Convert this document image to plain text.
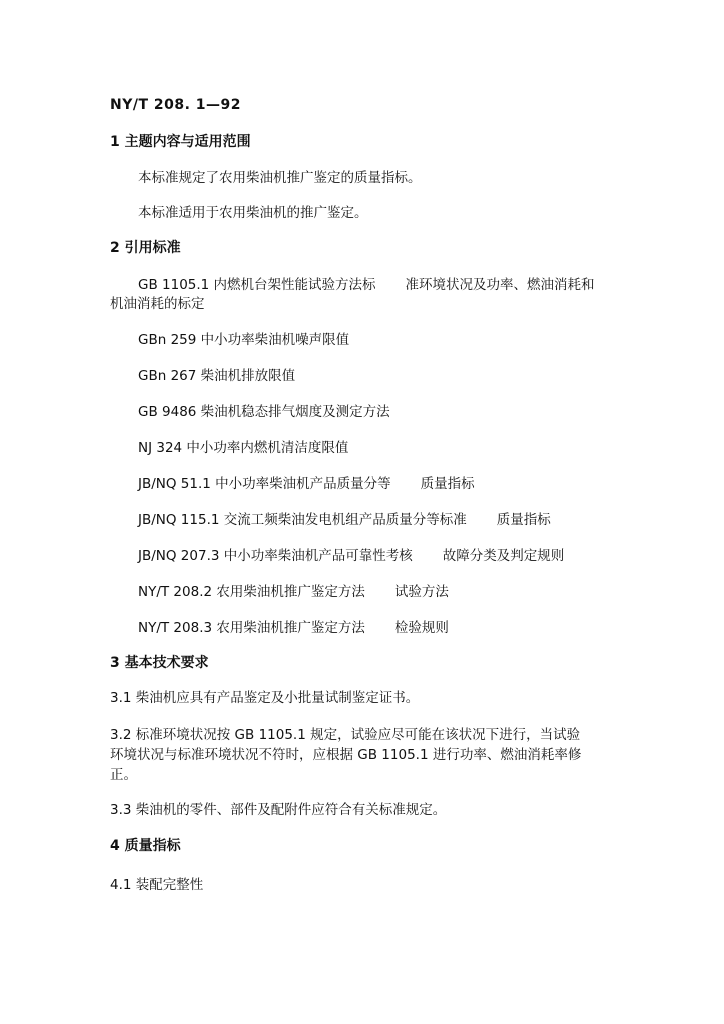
NY/T 208. 1—92
1 主题内容与适用范围
本标准规定了农用柴油机推广鉴定的质量指标。
本标准适用于农用柴油机的推广鉴定。
2 引用标准
GB 1105.1 内燃机台架性能试验方法标 准环境状况及功率、燃油消耗和
机油消耗的标定
GBn 259 中小功率柴油机噪声限值
GBn 267 柴油机排放限值
GB 9486 柴油机稳态排气烟度及测定方法
NJ 324 中小功率内燃机清洁度限值
JB/NQ 51.1 中小功率柴油机产品质量分等 质量指标
JB/NQ 115.1 交流工频柴油发电机组产品质量分等标准 质量指标
JB/NQ 207.3 中小功率柴油机产品可靠性考核 故障分类及判定规则
NY/T 208.2 农用柴油机推广鉴定方法 试验方法
NY/T 208.3 农用柴油机推广鉴定方法 检验规则
3 基本技术要求
3.1 柴油机应具有产品鉴定及小批量试制鉴定证书。
3.2 标准环境状况按 GB 1105.1 规定，试验应尽可能在该状况下进行，当试验
环境状况与标准环境状况不符时，应根据 GB 1105.1 进行功率、燃油消耗率修
正。
3.3 柴油机的零件、部件及配附件应符合有关标准规定。
4 质量指标
4.1 装配完整性
